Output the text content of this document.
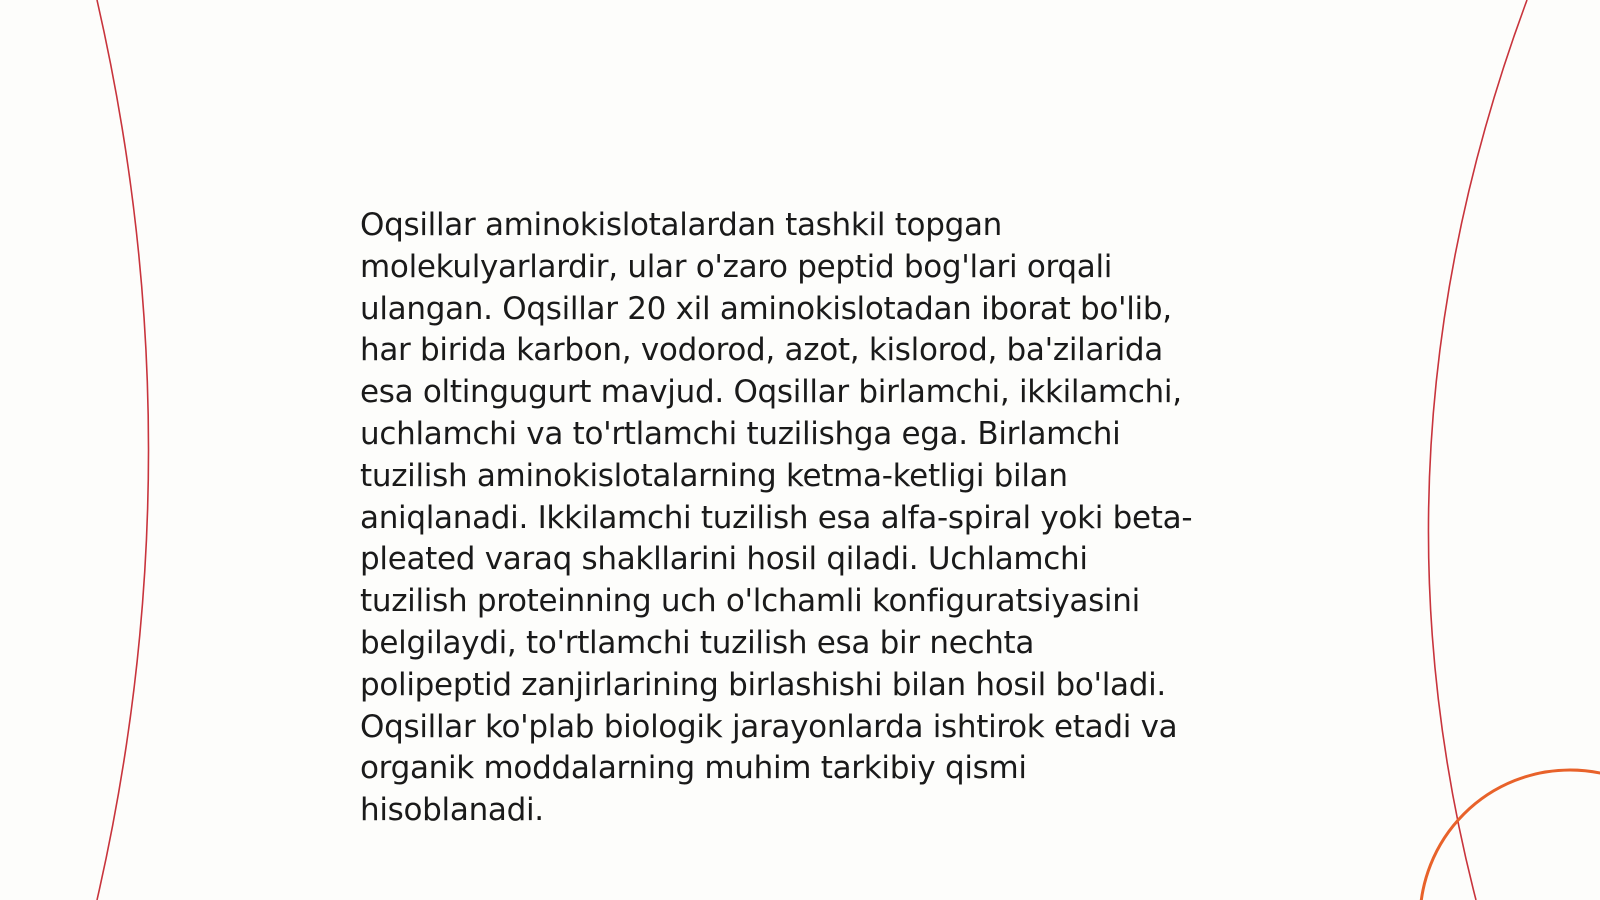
Oqsillar aminokislotalardan tashkil topgan
molekulyarlardir, ular o'zaro peptid bog'lari orqali
ulangan. Oqsillar 20 xil aminokislotadan iborat bo'lib,
har birida karbon, vodorod, azot, kislorod, ba'zilarida
esa oltingugurt mavjud. Oqsillar birlamchi, ikkilamchi,
uchlamchi va to'rtlamchi tuzilishga ega. Birlamchi
tuzilish aminokislotalarning ketma-ketligi bilan
aniqlanadi. Ikkilamchi tuzilish esa alfa-spiral yoki beta-
pleated varaq shakllarini hosil qiladi. Uchlamchi
tuzilish proteinning uch o'lchamli konfiguratsiyasini
belgilaydi, to'rtlamchi tuzilish esa bir nechta
polipeptid zanjirlarining birlashishi bilan hosil bo'ladi.
Oqsillar ko'plab biologik jarayonlarda ishtirok etadi va
organik moddalarning muhim tarkibiy qismi
hisoblanadi.
